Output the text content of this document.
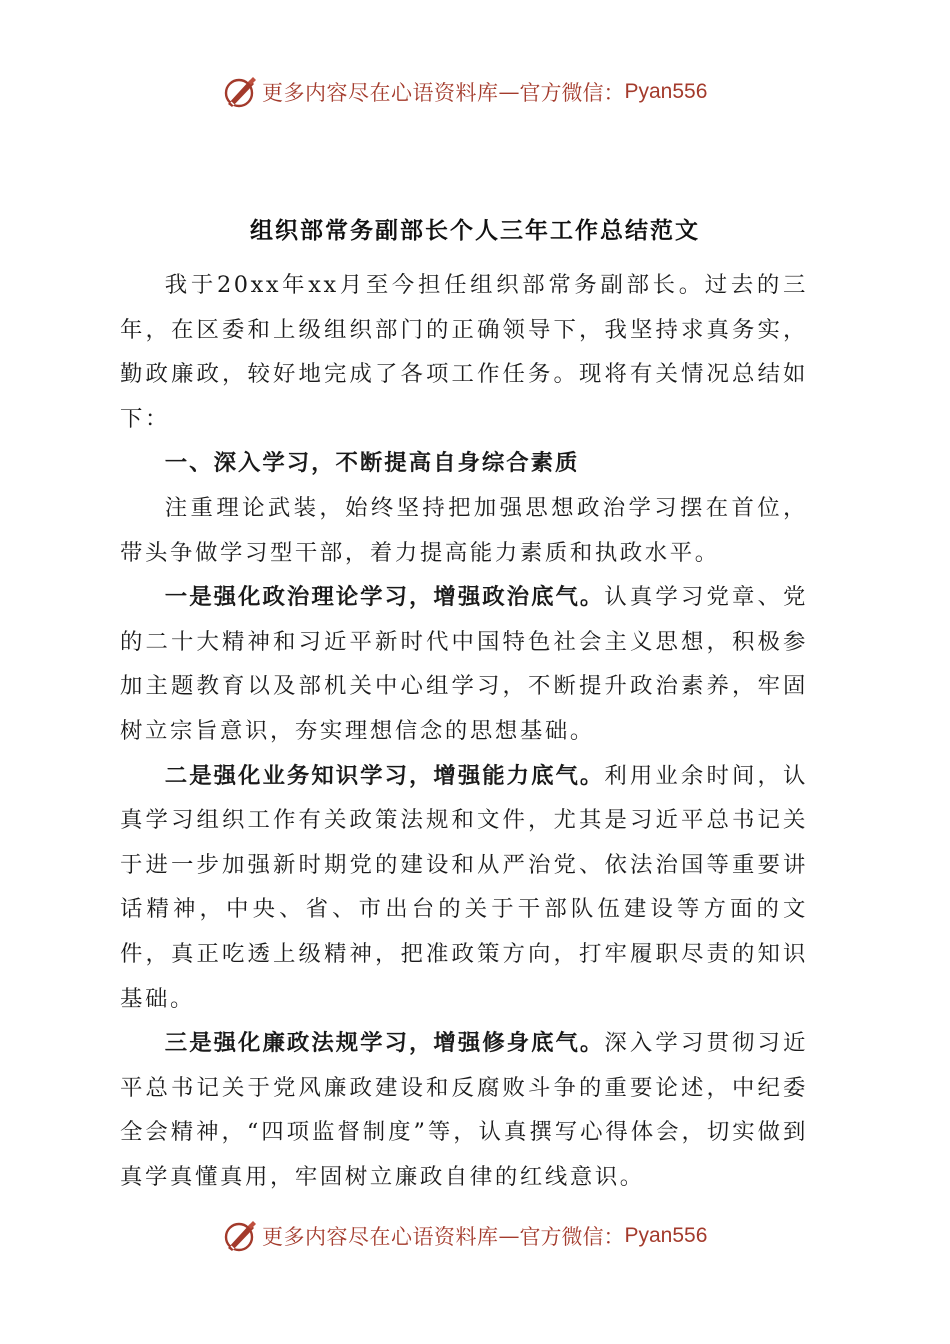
更多内容尽在心语资料库 — 官方微信： Pyan556
组织部常务副部长个人三年工作总结范文

我于20xx年xx月至今担任组织部常务副部长。过去的三年，在区委和上级组织部门的正确领导下，我坚持求真务实，勤政廉政，较好地完成了各项工作任务。现将有关情况总结如下：

一、深入学习，不断提高自身综合素质

注重理论武装，始终坚持把加强思想政治学习摆在首位，带头争做学习型干部，着力提高能力素质和执政水平。

一是强化政治理论学习，增强政治底气。认真学习党章、党的二十大精神和习近平新时代中国特色社会主义思想，积极参加主题教育以及部机关中心组学习，不断提升政治素养，牢固树立宗旨意识，夯实理想信念的思想基础。

二是强化业务知识学习，增强能力底气。利用业余时间，认真学习组织工作有关政策法规和文件，尤其是习近平总书记关于进一步加强新时期党的建设和从严治党、依法治国等重要讲话精神，中央、省、市出台的关于干部队伍建设等方面的文件，真正吃透上级精神，把准政策方向，打牢履职尽责的知识基础。

三是强化廉政法规学习，增强修身底气。深入学习贯彻习近平总书记关于党风廉政建设和反腐败斗争的重要论述，中纪委全会精神，“四项监督制度”等，认真撰写心得体会，切实做到真学真懂真用，牢固树立廉政自律的红线意识。

更多内容尽在心语资料库 — 官方微信： Pyan556
